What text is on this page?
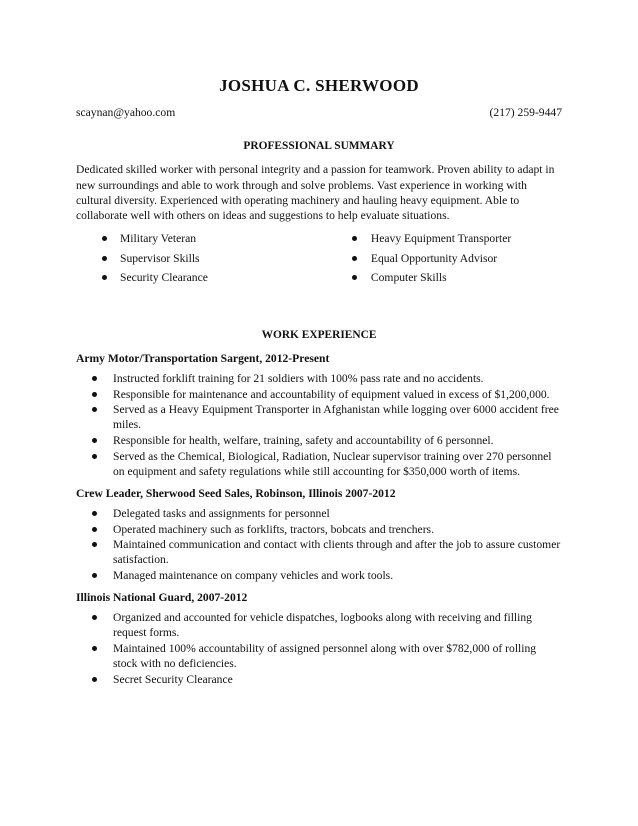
JOSHUA C. SHERWOOD
scaynan@yahoo.com	(217) 259-9447
PROFESSIONAL SUMMARY

Dedicated skilled worker with personal integrity and a passion for teamwork. Proven ability to adapt in new surroundings and able to work through and solve problems. Vast experience in working with cultural diversity. Experienced with operating machinery and hauling heavy equipment. Able to collaborate well with others on ideas and suggestions to help evaluate situations.

Military Veteran
Supervisor Skills
Security Clearance
Heavy Equipment Transporter
Equal Opportunity Advisor
Computer Skills
WORK EXPERIENCE
Army Motor/Transportation Sargent, 2012-Present
Instructed forklift training for 21 soldiers with 100% pass rate and no accidents.
Responsible for maintenance and accountability of equipment valued in excess of $1,200,000.
Served as a Heavy Equipment Transporter in Afghanistan while logging over 6000 accident free miles.
Responsible for health, welfare, training, safety and accountability of 6 personnel.
Served as the Chemical, Biological, Radiation, Nuclear supervisor training over 270 personnel on equipment and safety regulations while still accounting for $350,000 worth of items.
Crew Leader, Sherwood Seed Sales, Robinson, Illinois 2007-2012
Delegated tasks and assignments for personnel
Operated machinery such as forklifts, tractors, bobcats and trenchers.
Maintained communication and contact with clients through and after the job to assure customer satisfaction.
Managed maintenance on company vehicles and work tools.
Illinois National Guard, 2007-2012
Organized and accounted for vehicle dispatches, logbooks along with receiving and filling request forms.
Maintained 100% accountability of assigned personnel along with over $782,000 of rolling stock with no deficiencies.
Secret Security Clearance
